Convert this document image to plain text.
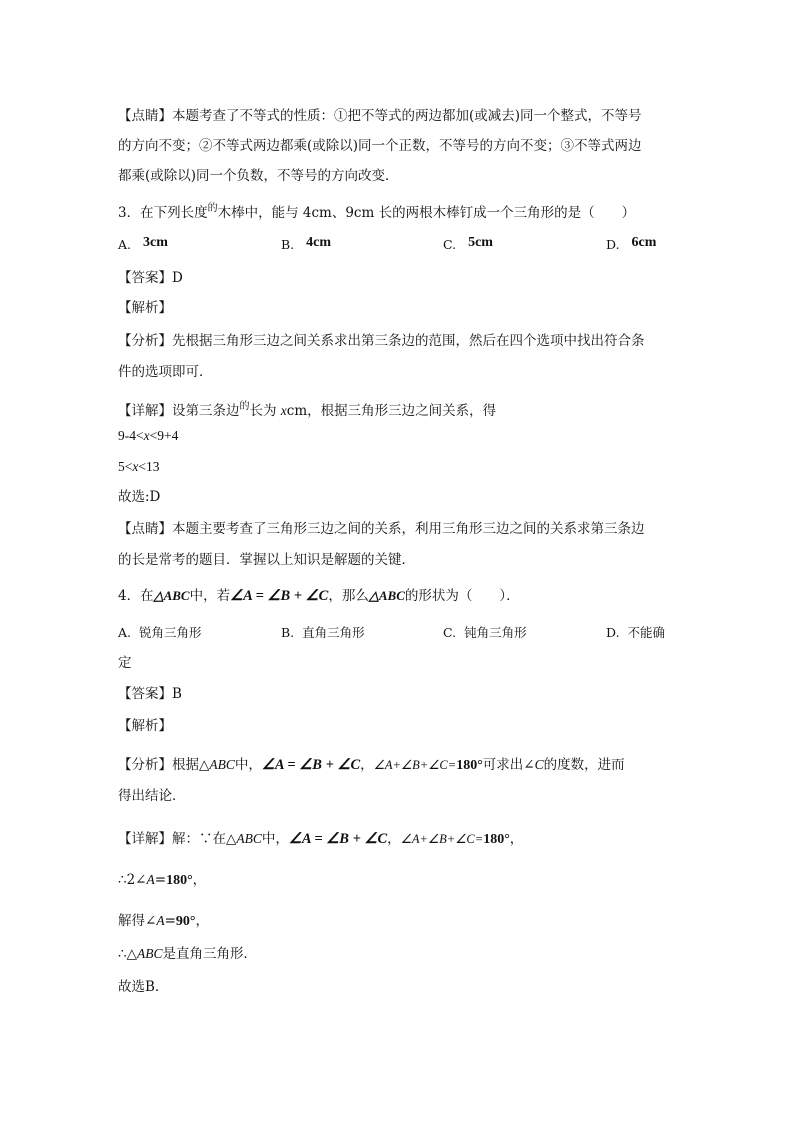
【点睛】本题考查了不等式的性质：①把不等式的两边都加(或减去)同一个整式，不等号
的方向不变；②不等式两边都乘(或除以)同一个正数，不等号的方向不变；③不等式两边
都乘(或除以)同一个负数，不等号的方向改变．
3．在下列长度$^的$木棒中，能与 4cm、9cm 长的两根木棒钉成一个三角形的是（　　）
A. 3cm	B. 4cm	C. 5cm	D. 6cm
【答案】D
【解析】
【分析】先根据三角形三边之间关系求出第三条边的范围，然后在四个选项中找出符合条
件的选项即可．
【详解】设第三条边$^的$长为 xcm，根据三角形三边之间关系，得
9-4<x<9+4
5<x<13
故选:D
【点睛】本题主要考查了三角形三边之间的关系，利用三角形三边之间的关系求第三条边
的长是常考的题目．掌握以上知识是解题的关键．
4．在△ABC中，若∠A = ∠B + ∠C，那么△ABC的形状为（　　）．
A. 锐角三角形	B. 直角三角形	C. 钝角三角形	D. 不能确
定
【答案】B
【解析】
【分析】根据△ABC中，∠A = ∠B + ∠C，∠A+∠B+∠C=180°可求出∠C的度数，进而
得出结论．
【详解】解：∵在△ABC中，∠A = ∠B + ∠C，∠A+∠B+∠C=180°，
∴2∠A=180°，
解得∠A=90°，
∴△ABC是直角三角形．
故选B．
